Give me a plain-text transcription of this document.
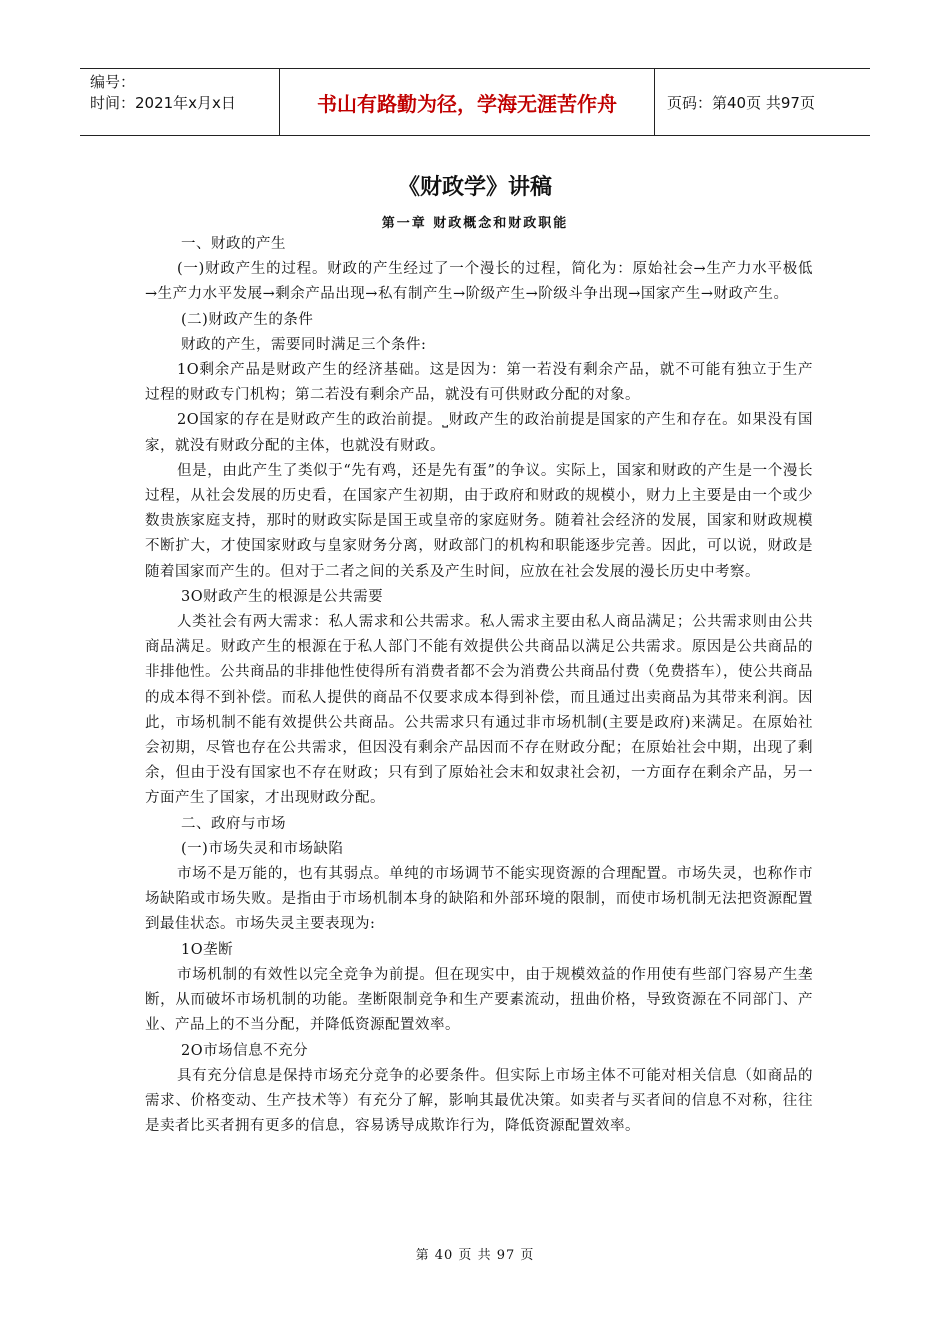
编号：
时间：2021年x月x日	书山有路勤为径，学海无涯苦作舟	页码：第40页 共97页
《财政学》讲稿
第一章 财政概念和财政职能

一、财政的产生

(一)财政产生的过程。财政的产生经过了一个漫长的过程，简化为：原始社会→生产力水平极低→生产力水平发展→剩余产品出现→私有制产生→阶级产生→阶级斗争出现→国家产生→财政产生。

(二)财政产生的条件

财政的产生，需要同时满足三个条件:

1O剩余产品是财政产生的经济基础。这是因为：第一若没有剩余产品，就不可能有独立于生产过程的财政专门机构；第二若没有剩余产品，就没有可供财政分配的对象。

2O国家的存在是财政产生的政治前提。⎵财政产生的政治前提是国家的产生和存在。如果没有国家，就没有财政分配的主体，也就没有财政。

但是，由此产生了类似于“先有鸡，还是先有蛋”的争议。实际上，国家和财政的产生是一个漫长过程，从社会发展的历史看，在国家产生初期，由于政府和财政的规模小，财力上主要是由一个或少数贵族家庭支持，那时的财政实际是国王或皇帝的家庭财务。随着社会经济的发展，国家和财政规模不断扩大，才使国家财政与皇家财务分离，财政部门的机构和职能逐步完善。因此，可以说，财政是随着国家而产生的。但对于二者之间的关系及产生时间，应放在社会发展的漫长历史中考察。

3O财政产生的根源是公共需要

人类社会有两大需求：私人需求和公共需求。私人需求主要由私人商品满足；公共需求则由公共商品满足。财政产生的根源在于私人部门不能有效提供公共商品以满足公共需求。原因是公共商品的非排他性。公共商品的非排他性使得所有消费者都不会为消费公共商品付费（免费搭车），使公共商品的成本得不到补偿。而私人提供的商品不仅要求成本得到补偿，而且通过出卖商品为其带来利润。因此，市场机制不能有效提供公共商品。公共需求只有通过非市场机制(主要是政府)来满足。在原始社会初期，尽管也存在公共需求，但因没有剩余产品因而不存在财政分配；在原始社会中期，出现了剩余，但由于没有国家也不存在财政；只有到了原始社会末和奴隶社会初，一方面存在剩余产品，另一方面产生了国家，才出现财政分配。

二、政府与市场

(一)市场失灵和市场缺陷

市场不是万能的，也有其弱点。单纯的市场调节不能实现资源的合理配置。市场失灵，也称作市场缺陷或市场失败。是指由于市场机制本身的缺陷和外部环境的限制，而使市场机制无法把资源配置到最佳状态。市场失灵主要表现为:

1O垄断

市场机制的有效性以完全竞争为前提。但在现实中，由于规模效益的作用使有些部门容易产生垄断，从而破坏市场机制的功能。垄断限制竞争和生产要素流动，扭曲价格，导致资源在不同部门、产业、产品上的不当分配，并降低资源配置效率。

2O市场信息不充分

具有充分信息是保持市场充分竞争的必要条件。但实际上市场主体不可能对相关信息（如商品的需求、价格变动、生产技术等）有充分了解，影响其最优决策。如卖者与买者间的信息不对称，往往是卖者比买者拥有更多的信息，容易诱导成欺诈行为，降低资源配置效率。

第 40 页 共 97 页
